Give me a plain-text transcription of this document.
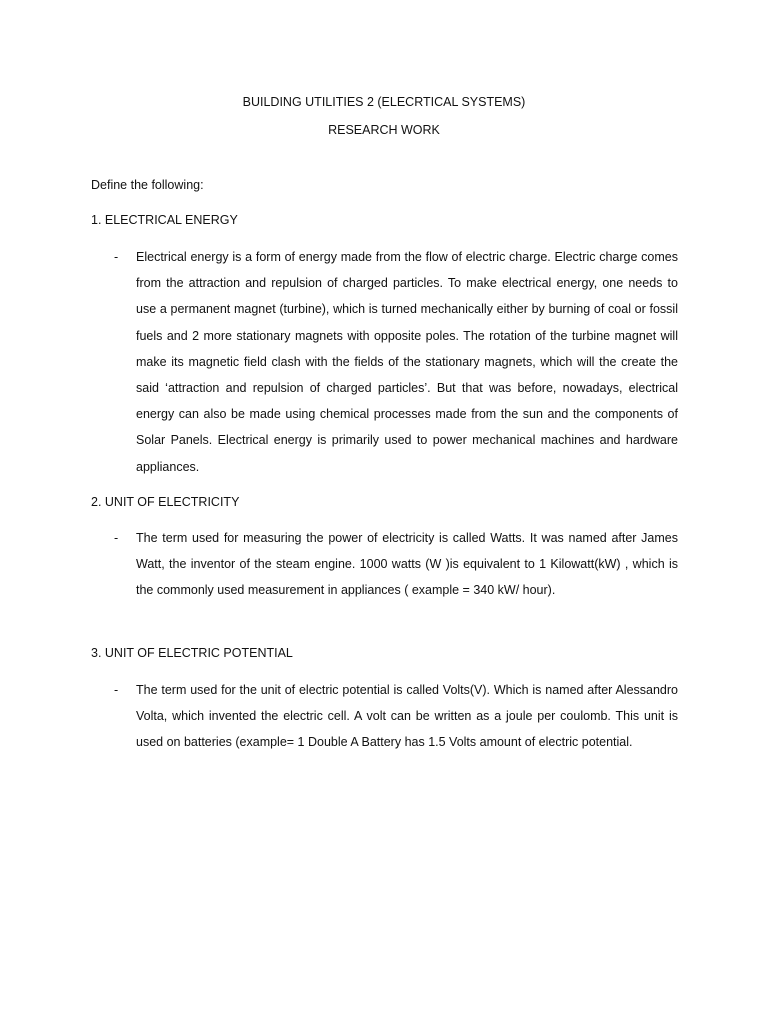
BUILDING UTILITIES 2 (ELECRTICAL SYSTEMS)
RESEARCH WORK
Define the following:
1. ELECTRICAL ENERGY
- Electrical energy is a form of energy made from the flow of electric charge. Electric charge comes from the attraction and repulsion of charged particles. To make electrical energy, one needs to use a permanent magnet (turbine), which is turned mechanically either by burning of coal or fossil fuels and 2 more stationary magnets with opposite poles. The rotation of the turbine magnet will make its magnetic field clash with the fields of the stationary magnets, which will the create the said ‘attraction and repulsion of charged particles’. But that was before, nowadays, electrical energy can also be made using chemical processes made from the sun and the components of Solar Panels. Electrical energy is primarily used to power mechanical machines and hardware appliances.
2. UNIT OF ELECTRICITY
- The term used for measuring the power of electricity is called Watts. It was named after James Watt, the inventor of the steam engine. 1000 watts (W )is equivalent to 1 Kilowatt(kW) , which is the commonly used measurement in appliances ( example = 340 kW/ hour).
3. UNIT OF ELECTRIC POTENTIAL
- The term used for the unit of electric potential is called Volts(V). Which is named after Alessandro Volta, which invented the electric cell. A volt can be written as a joule per coulomb. This unit is used on batteries (example= 1 Double A Battery has 1.5 Volts amount of electric potential.
